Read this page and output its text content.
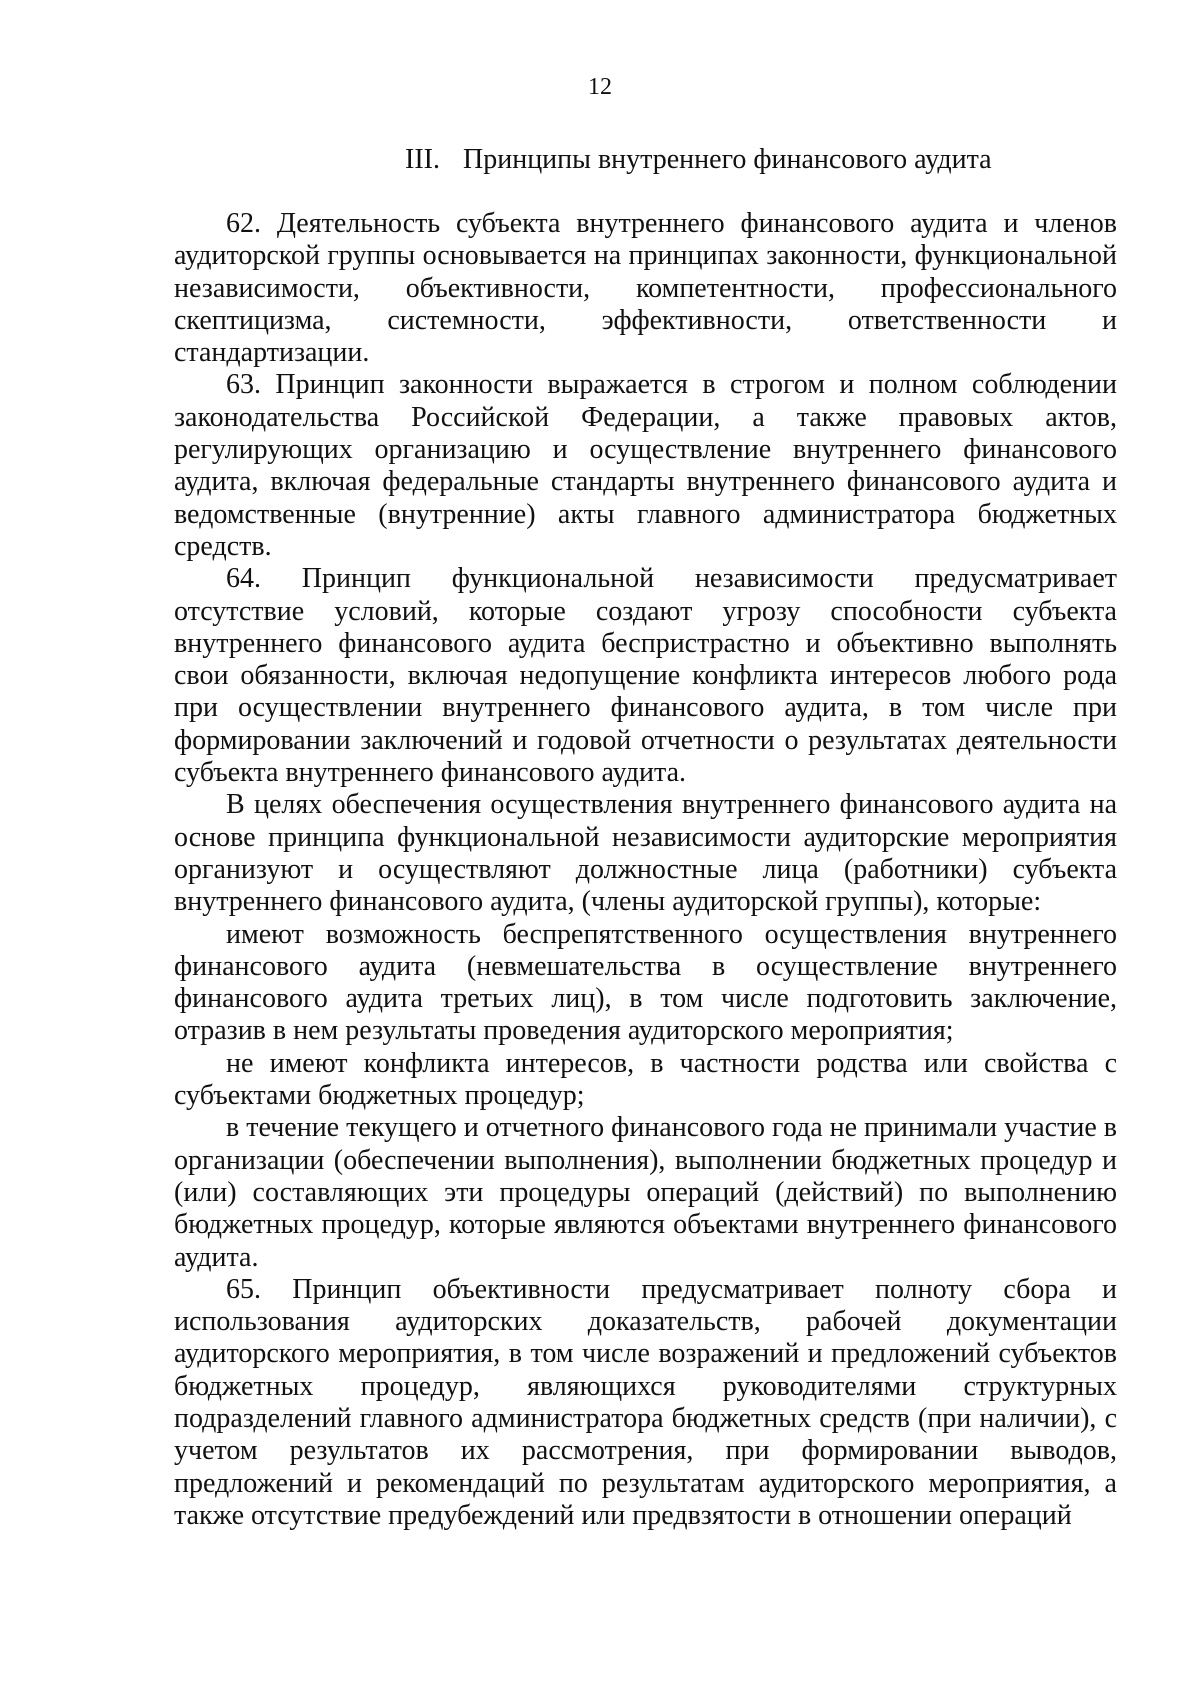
12
III. Принципы внутреннего финансового аудита

62. Деятельность субъекта внутреннего финансового аудита и членов аудиторской группы основывается на принципах законности, функциональной независимости, объективности, компетентности, профессионального скептицизма, системности, эффективности, ответственности и стандартизации.

63. Принцип законности выражается в строгом и полном соблюдении законодательства Российской Федерации, а также правовых актов, регулирующих организацию и осуществление внутреннего финансового аудита, включая федеральные стандарты внутреннего финансового аудита и ведомственные (внутренние) акты главного администратора бюджетных средств.

64. Принцип функциональной независимости предусматривает отсутствие условий, которые создают угрозу способности субъекта внутреннего финансового аудита беспристрастно и объективно выполнять свои обязанности, включая недопущение конфликта интересов любого рода при осуществлении внутреннего финансового аудита, в том числе при формировании заключений и годовой отчетности о результатах деятельности субъекта внутреннего финансового аудита.

В целях обеспечения осуществления внутреннего финансового аудита на основе принципа функциональной независимости аудиторские мероприятия организуют и осуществляют должностные лица (работники) субъекта внутреннего финансового аудита, (члены аудиторской группы), которые:

имеют возможность беспрепятственного осуществления внутреннего финансового аудита (невмешательства в осуществление внутреннего финансового аудита третьих лиц), в том числе подготовить заключение, отразив в нем результаты проведения аудиторского мероприятия;

не имеют конфликта интересов, в частности родства или свойства с субъектами бюджетных процедур;

в течение текущего и отчетного финансового года не принимали участие в организации (обеспечении выполнения), выполнении бюджетных процедур и (или) составляющих эти процедуры операций (действий) по выполнению бюджетных процедур, которые являются объектами внутреннего финансового аудита.

65. Принцип объективности предусматривает полноту сбора и использования аудиторских доказательств, рабочей документации аудиторского мероприятия, в том числе возражений и предложений субъектов бюджетных процедур, являющихся руководителями структурных подразделений главного администратора бюджетных средств (при наличии), с учетом результатов их рассмотрения, при формировании выводов, предложений и рекомендаций по результатам аудиторского мероприятия, а также отсутствие предубеждений или предвзятости в отношении операций
